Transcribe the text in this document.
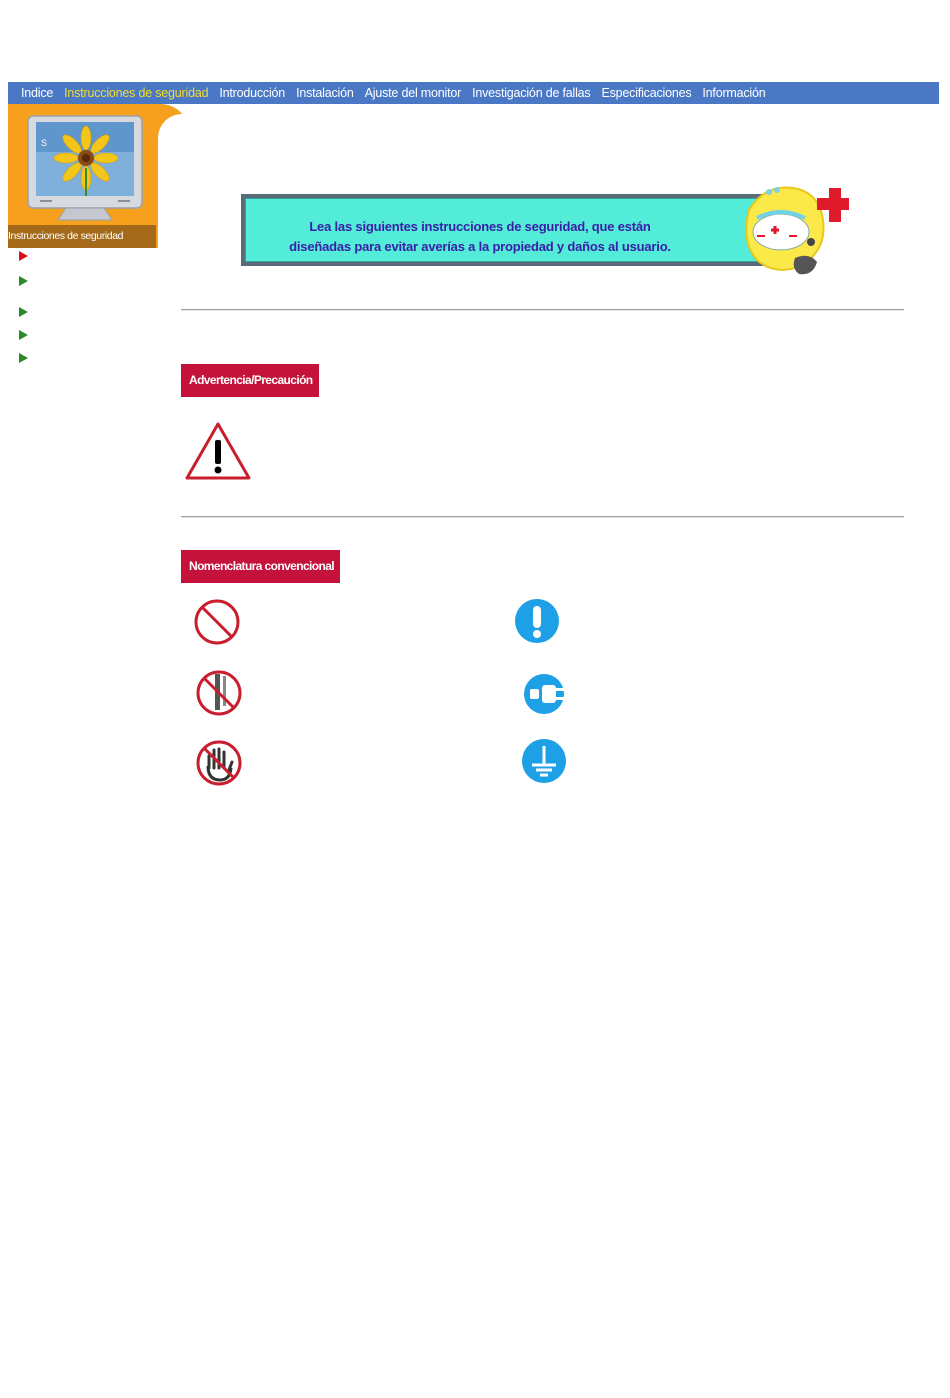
Indice Instrucciones de seguridad Introducción Instalación Ajuste del monitor Investigación de fallas Especificaciones Información
S
Instrucciones de seguridad
Lea las siguientes instrucciones de seguridad, que están
diseñadas para evitar averías a la propiedad y daños al usuario.
Advertencia/Precaución
Nomenclatura convencional
